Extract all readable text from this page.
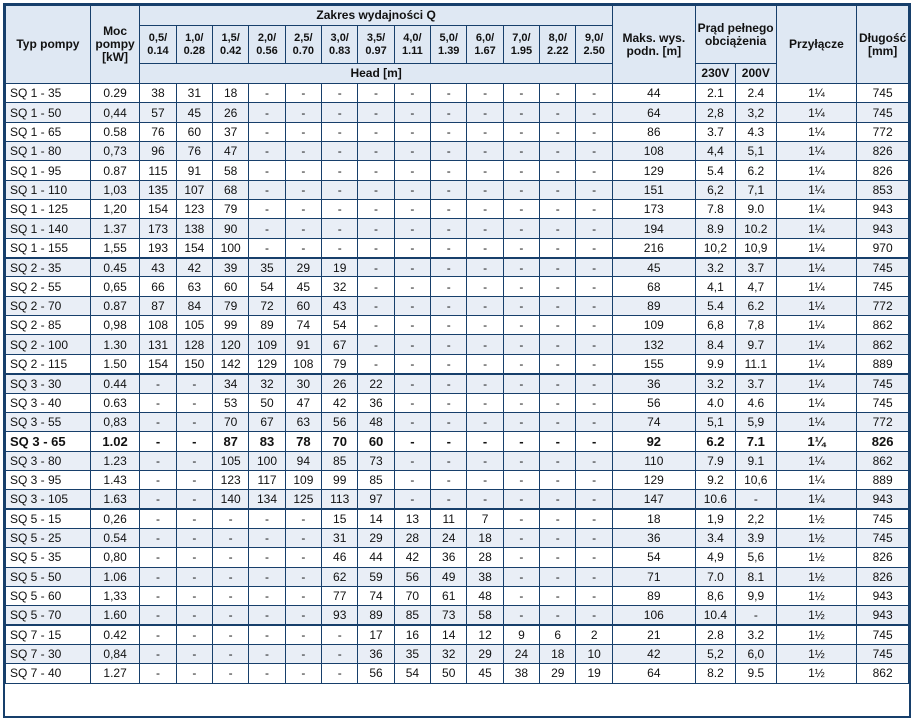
Typ pompy	Moc pompy [kW]	Zakres wydajności Q													Maks. wys. podn. [m]	Prąd pełnego obciążenia		Przyłącze	Długość [mm]
		0,5/ 0.14	1,0/ 0.28	1,5/ 0.42	2,0/ 0.56	2,5/ 0.70	3,0/ 0.83	3,5/ 0.97	4,0/ 1.11	5,0/ 1.39	6,0/ 1.67	7,0/ 1.95	8,0/ 2.22	9,0/ 2.50					
		Head [m]														230V	200V		
SQ 1 - 35	0.29	38	31	18	-	-	-	-	-	-	-	-	-	-	44	2.1	2.4	1¼	745
SQ 1 - 50	0,44	57	45	26	-	-	-	-	-	-	-	-	-	-	64	2,8	3,2	1¼	745
SQ 1 - 65	0.58	76	60	37	-	-	-	-	-	-	-	-	-	-	86	3.7	4.3	1¼	772
SQ 1 - 80	0,73	96	76	47	-	-	-	-	-	-	-	-	-	-	108	4,4	5,1	1¼	826
SQ 1 - 95	0.87	115	91	58	-	-	-	-	-	-	-	-	-	-	129	5.4	6.2	1¼	826
SQ 1 - 110	1,03	135	107	68	-	-	-	-	-	-	-	-	-	-	151	6,2	7,1	1¼	853
SQ 1 - 125	1,20	154	123	79	-	-	-	-	-	-	-	-	-	-	173	7.8	9.0	1¼	943
SQ 1 - 140	1.37	173	138	90	-	-	-	-	-	-	-	-	-	-	194	8.9	10.2	1¼	943
SQ 1 - 155	1,55	193	154	100	-	-	-	-	-	-	-	-	-	-	216	10,2	10,9	1¼	970
SQ 2 - 35	0.45	43	42	39	35	29	19	-	-	-	-	-	-	-	45	3.2	3.7	1¼	745
SQ 2 - 55	0,65	66	63	60	54	45	32	-	-	-	-	-	-	-	68	4,1	4,7	1¼	745
SQ 2 - 70	0.87	87	84	79	72	60	43	-	-	-	-	-	-	-	89	5.4	6.2	1¼	772
SQ 2 - 85	0,98	108	105	99	89	74	54	-	-	-	-	-	-	-	109	6,8	7,8	1¼	862
SQ 2 - 100	1.30	131	128	120	109	91	67	-	-	-	-	-	-	-	132	8.4	9.7	1¼	862
SQ 2 - 115	1.50	154	150	142	129	108	79	-	-	-	-	-	-	-	155	9.9	11.1	1¼	889
SQ 3 - 30	0.44	-	-	34	32	30	26	22	-	-	-	-	-	-	36	3.2	3.7	1¼	745
SQ 3 - 40	0.63	-	-	53	50	47	42	36	-	-	-	-	-	-	56	4.0	4.6	1¼	745
SQ 3 - 55	0,83	-	-	70	67	63	56	48	-	-	-	-	-	-	74	5,1	5,9	1¼	772
SQ 3 - 65	1.02	-	-	87	83	78	70	60	-	-	-	-	-	-	92	6.2	7.1	1¼	826
SQ 3 - 80	1.23	-	-	105	100	94	85	73	-	-	-	-	-	-	110	7.9	9.1	1¼	862
SQ 3 - 95	1.43	-	-	123	117	109	99	85	-	-	-	-	-	-	129	9.2	10,6	1¼	889
SQ 3 - 105	1.63	-	-	140	134	125	113	97	-	-	-	-	-	-	147	10.6	-	1¼	943
SQ 5 - 15	0,26	-	-	-	-	-	15	14	13	11	7	-	-	-	18	1,9	2,2	1½	745
SQ 5 - 25	0.54	-	-	-	-	-	31	29	28	24	18	-	-	-	36	3.4	3.9	1½	745
SQ 5 - 35	0,80	-	-	-	-	-	46	44	42	36	28	-	-	-	54	4,9	5,6	1½	826
SQ 5 - 50	1.06	-	-	-	-	-	62	59	56	49	38	-	-	-	71	7.0	8.1	1½	826
SQ 5 - 60	1,33	-	-	-	-	-	77	74	70	61	48	-	-	-	89	8,6	9,9	1½	943
SQ 5 - 70	1.60	-	-	-	-	-	93	89	85	73	58	-	-	-	106	10.4	-	1½	943
SQ 7 - 15	0.42	-	-	-	-	-	-	17	16	14	12	9	6	2	21	2.8	3.2	1½	745
SQ 7 - 30	0,84	-	-	-	-	-	-	36	35	32	29	24	18	10	42	5,2	6,0	1½	745
SQ 7 - 40	1.27	-	-	-	-	-	-	56	54	50	45	38	29	19	64	8.2	9.5	1½	862
